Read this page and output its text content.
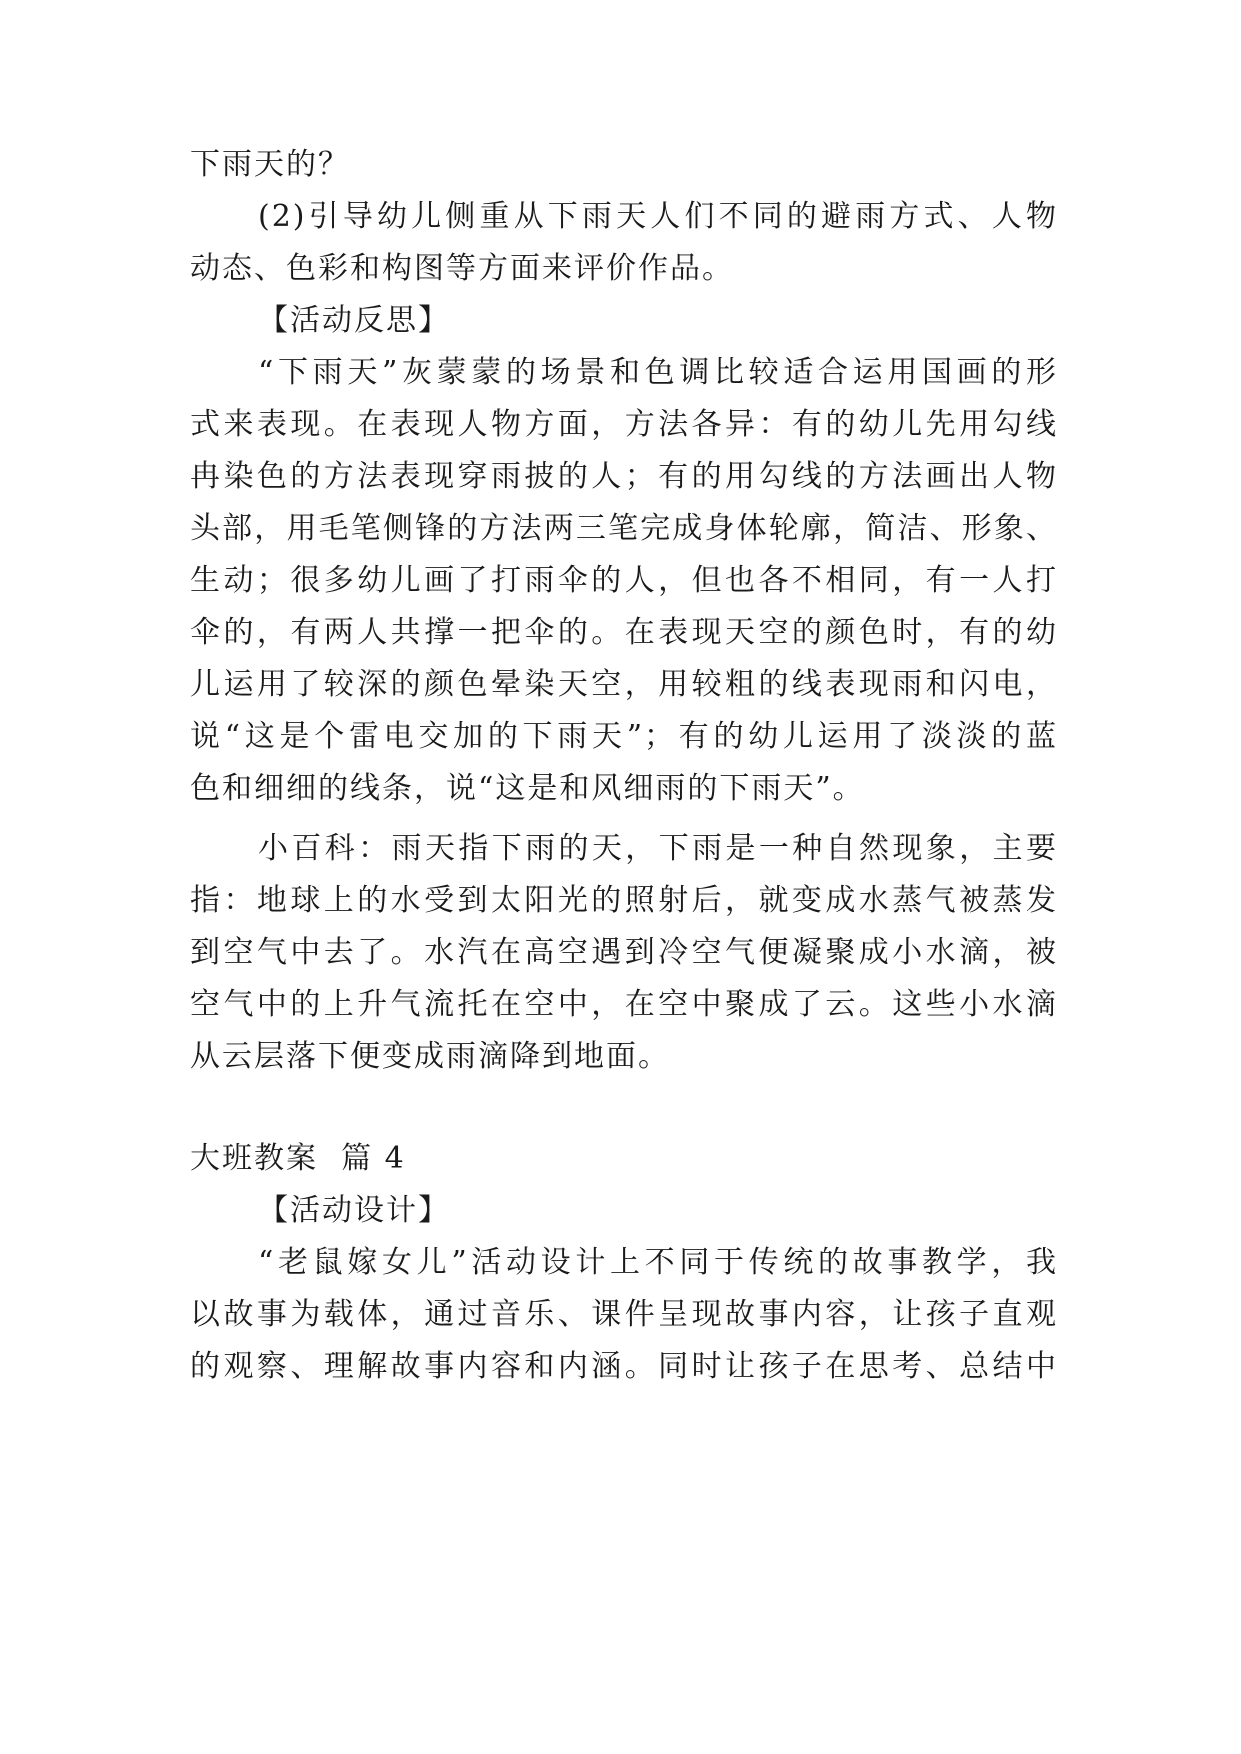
下雨天的？
(2)引导幼儿侧重从下雨天人们不同的避雨方式、人物
动态、色彩和构图等方面来评价作品。
【活动反思】
“下雨天”灰蒙蒙的场景和色调比较适合运用国画的形
式来表现。在表现人物方面，方法各异：有的幼儿先用勾线
冉染色的方法表现穿雨披的人；有的用勾线的方法画出人物
头部，用毛笔侧锋的方法两三笔完成身体轮廓，简洁、形象、
生动；很多幼儿画了打雨伞的人，但也各不相同，有一人打
伞的，有两人共撑一把伞的。在表现天空的颜色时，有的幼
儿运用了较深的颜色晕染天空，用较粗的线表现雨和闪电，
说“这是个雷电交加的下雨天”；有的幼儿运用了淡淡的蓝
色和细细的线条，说“这是和风细雨的下雨天”。
小百科：雨天指下雨的天，下雨是一种自然现象，主要
指：地球上的水受到太阳光的照射后，就变成水蒸气被蒸发
到空气中去了。水汽在高空遇到冷空气便凝聚成小水滴，被
空气中的上升气流托在空中，在空中聚成了云。这些小水滴
从云层落下便变成雨滴降到地面。
大班教案  篇 4
【活动设计】
“老鼠嫁女儿”活动设计上不同于传统的故事教学，我
以故事为载体，通过音乐、课件呈现故事内容，让孩子直观
的观察、理解故事内容和内涵。同时让孩子在思考、总结中
